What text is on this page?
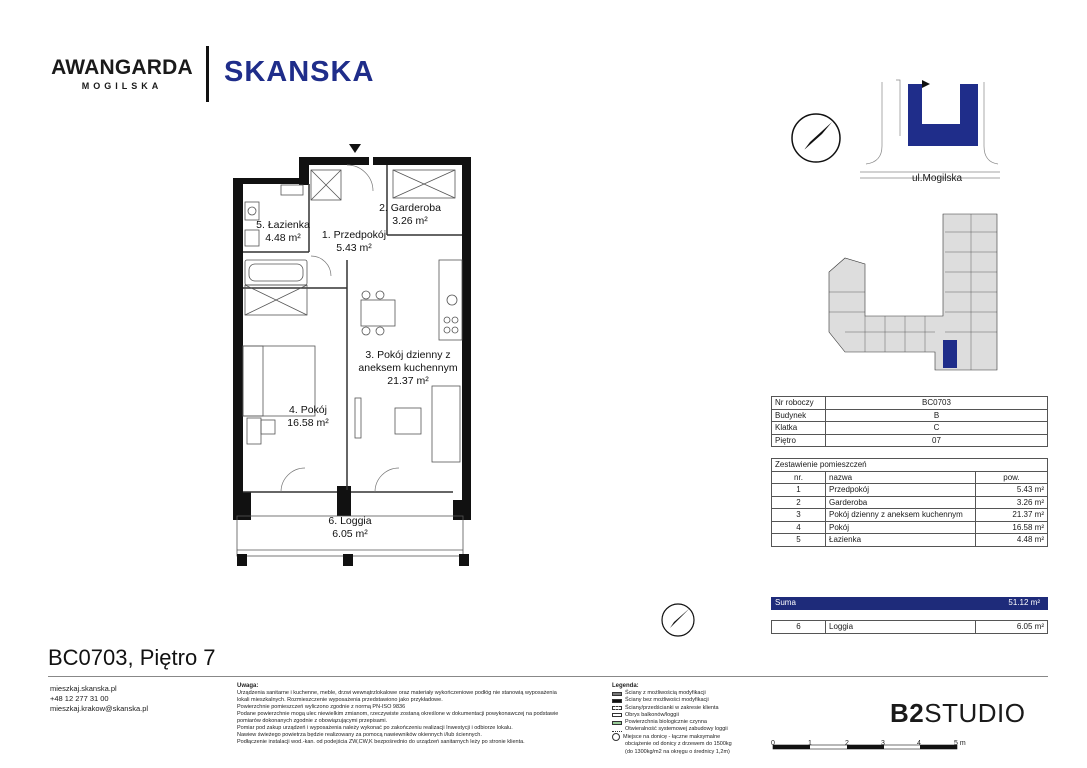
AWANGARDA
MOGILSKA	SKANSKA
5. Łazienka
4.48 m²	1. Przedpokój
5.43 m²
2. Garderoba
3.26 m²
3. Pokój dzienny z
aneksem kuchennym
21.37 m²
4. Pokój
16.58 m²
6. Loggia
6.05 m²
N
ul.Mogilska
Nr roboczy	BC0703
Budynek	B
Klatka	C
Piętro	07
Zestawienie pomieszczeń		
nr.	nazwa	pow.
1	Przedpokój	5.43 m²
2	Garderoba	3.26 m²
3	Pokój dzienny z aneksem kuchennym	21.37 m²
4	Pokój	16.58 m²
5	Łazienka	4.48 m²
Suma	51.12 m²
6	Loggia	6.05 m²
N
BC0703, Piętro 7
mieszkaj.skanska.pl
+48 12 277 31 00
mieszkaj.krakow@skanska.pl
Uwaga:
Urządzenia sanitarne i kuchenne, meble, drzwi wewnątrzlokalowe oraz materiały wykończeniowe podłóg nie stanowią wyposażenia
lokali mieszkalnych. Rozmieszczenie wyposażenia przedstawiono jako przykładowe.
Powierzchnie pomieszczeń wyliczono zgodnie z normą PN-ISO 9836
Podane powierzchnie mogą ulec niewielkim zmianom, rzeczywiste zostaną określone w dokumentacji powykonawczej na podstawie
pomiarów dokonanych zgodnie z obowiązującymi przepisami.
Pomiar pod zakup urządzeń i wyposażenia należy wykonać po zakończeniu realizacji Inwestycji i odbiorze lokalu.
Nawiew świeżego powietrza będzie realizowany za pomocą nawiewników okiennych i/lub ściennych.
Podłączenie instalacji wod.-kan. od podejścia ZW,CW,K bezpośrednio do urządzeń sanitarnych leży po stronie klienta.
Legenda:
Ściany z możliwością modyfikacji
Ściany bez możliwości modyfikacji
Ściany/przedścianki w zakresie klienta
Obrys balkonów/loggii
Powierzchnia biologicznie czynna
Otwieralność systemowej zabudowy loggii
Miejsce na donicę - łączne maksymalne
obciążenie od donicy z drzewem do 1500kg
(do 1300kg/m2 na okręgu o średnicy 1,2m)
B2STUDIO
0	1	2	3	4	5 m
